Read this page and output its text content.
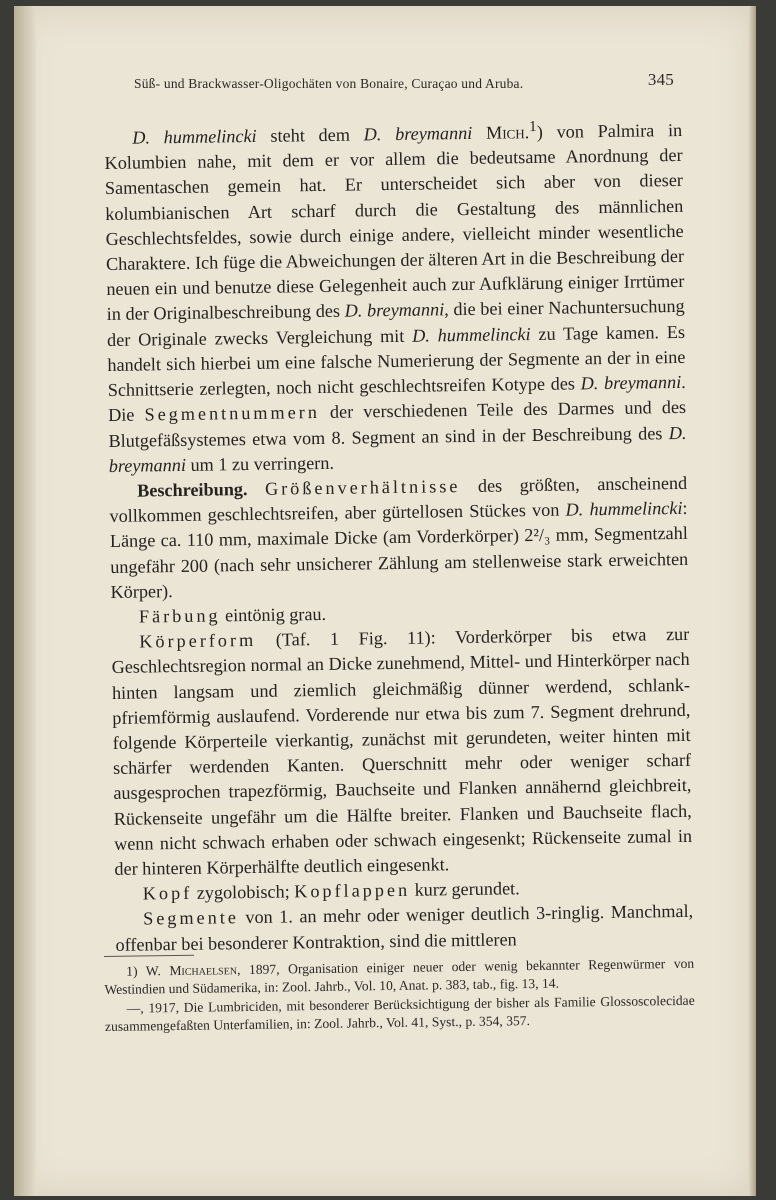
Süß- und Brackwasser-Oligochäten von Bonaire, Curaçao und Aruba.	345

D. hummelincki steht dem D. breymanni Mich.$^1$) von Palmira in Kolumbien nahe, mit dem er vor allem die bedeutsame Anordnung der Samentaschen gemein hat. Er unterscheidet sich aber von dieser kolumbianischen Art scharf durch die Gestaltung des männlichen Geschlechtsfeldes, sowie durch einige andere, vielleicht minder wesentliche Charaktere. Ich füge die Abweichungen der älteren Art in die Beschreibung der neuen ein und benutze diese Gelegenheit auch zur Aufklärung einiger Irrtümer in der Originalbeschreibung des D. breymanni, die bei einer Nachuntersuchung der Originale zwecks Vergleichung mit D. hummelincki zu Tage kamen. Es handelt sich hierbei um eine falsche Numerierung der Segmente an der in eine Schnittserie zerlegten, noch nicht geschlechtsreifen Kotype des D. breymanni. Die Segmentnummern der verschiedenen Teile des Darmes und des Blutgefäßsystemes etwa vom 8. Segment an sind in der Beschreibung des D. breymanni um 1 zu verringern.

Beschreibung. Größenverhältnisse des größten, anscheinend vollkommen geschlechtsreifen, aber gürtellosen Stückes von D. hummelincki: Länge ca. 110 mm, maximale Dicke (am Vorderkörper) 2²/₃ mm, Segmentzahl ungefähr 200 (nach sehr unsicherer Zählung am stellenweise stark erweichten Körper).

Färbung eintönig grau.

Körperform (Taf. 1 Fig. 11): Vorderkörper bis etwa zur Geschlechtsregion normal an Dicke zunehmend, Mittel- und Hinterkörper nach hinten langsam und ziemlich gleichmäßig dünner werdend, schlank-pfriemförmig auslaufend. Vorderende nur etwa bis zum 7. Segment drehrund, folgende Körperteile vierkantig, zunächst mit gerundeten, weiter hinten mit schärfer werdenden Kanten. Querschnitt mehr oder weniger scharf ausgesprochen trapezförmig, Bauchseite und Flanken annähernd gleichbreit, Rückenseite ungefähr um die Hälfte breiter. Flanken und Bauchseite flach, wenn nicht schwach erhaben oder schwach eingesenkt; Rückenseite zumal in der hinteren Körperhälfte deutlich eingesenkt.

Kopf zygolobisch; Kopflappen kurz gerundet.

Segmente von 1. an mehr oder weniger deutlich 3-ringlig. Manchmal, offenbar bei besonderer Kontraktion, sind die mittleren

1) W. Michaelsen, 1897, Organisation einiger neuer oder wenig bekannter Regenwürmer von Westindien und Südamerika, in: Zool. Jahrb., Vol. 10, Anat. p. 383, tab., fig. 13, 14.

—, 1917, Die Lumbriciden, mit besonderer Berücksichtigung der bisher als Familie Glossoscolecidae zusammengefaßten Unterfamilien, in: Zool. Jahrb., Vol. 41, Syst., p. 354, 357.
